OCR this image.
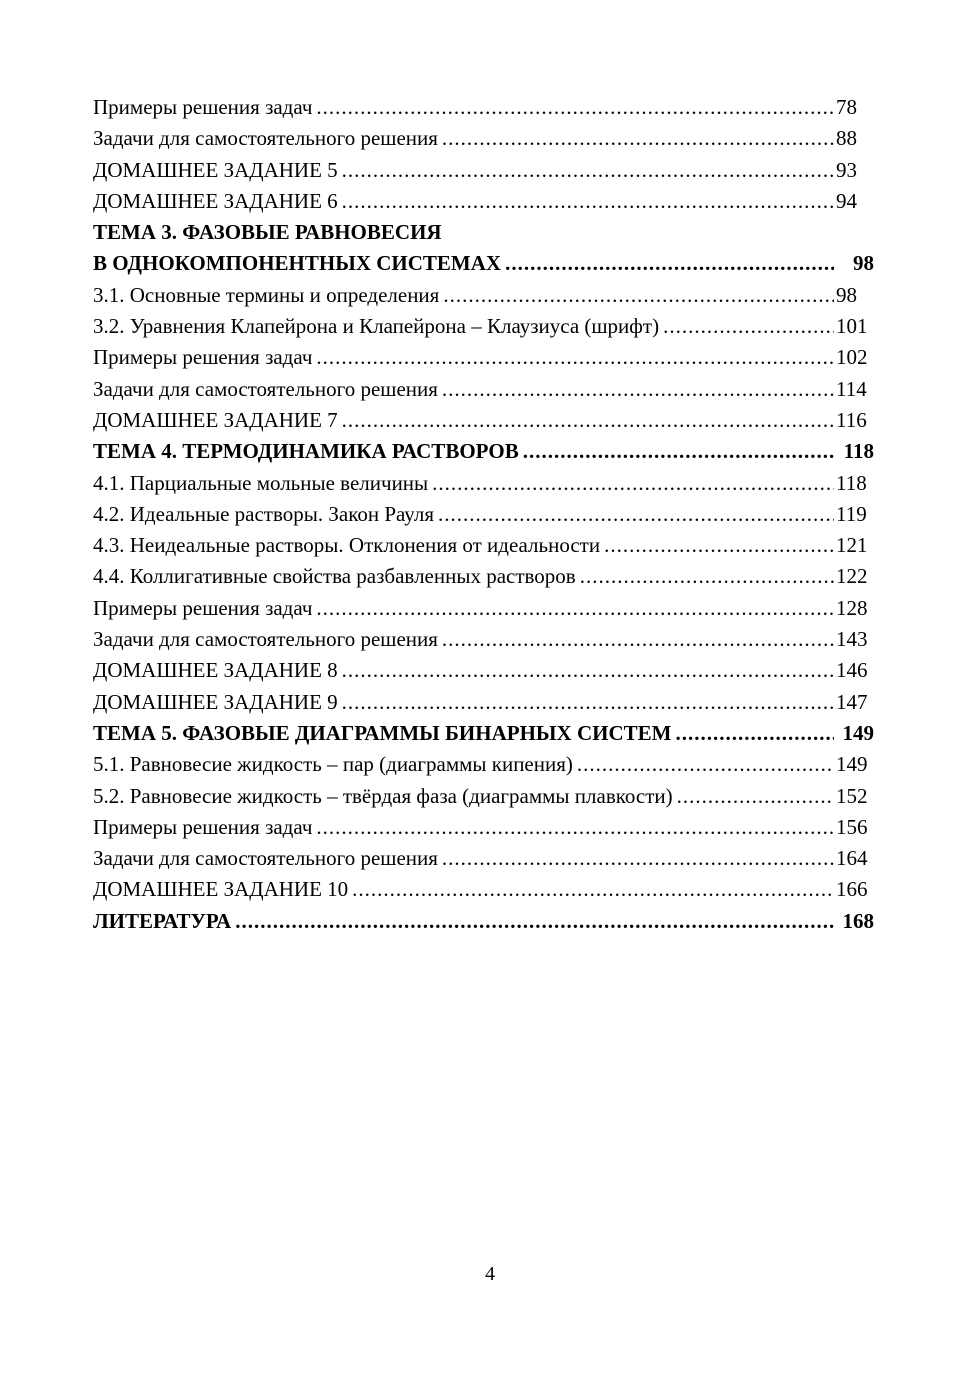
Примеры решения задач .....	78
Задачи для самостоятельного решения .....	88
ДОМАШНЕЕ ЗАДАНИЕ 5 .....	93
ДОМАШНЕЕ ЗАДАНИЕ 6 .....	94
ТЕМА 3. ФАЗОВЫЕ РАВНОВЕСИЯ
В ОДНОКОМПОНЕНТНЫХ СИСТЕМАХ .....	98
3.1. Основные термины и определения .....	98
3.2. Уравнения Клапейрона и Клапейрона – Клаузиуса (шрифт) .....	101
Примеры решения задач .....	102
Задачи для самостоятельного решения .....	114
ДОМАШНЕЕ ЗАДАНИЕ 7 .....	116
ТЕМА 4. ТЕРМОДИНАМИКА РАСТВОРОВ .....	118
4.1. Парциальные мольные величины .....	118
4.2. Идеальные растворы. Закон Рауля .....	119
4.3. Неидеальные растворы. Отклонения от идеальности .....	121
4.4. Коллигативные свойства разбавленных растворов .....	122
Примеры решения задач .....	128
Задачи для самостоятельного решения .....	143
ДОМАШНЕЕ ЗАДАНИЕ 8 .....	146
ДОМАШНЕЕ ЗАДАНИЕ 9 .....	147
ТЕМА 5. ФАЗОВЫЕ ДИАГРАММЫ БИНАРНЫХ СИСТЕМ .....	149
5.1. Равновесие жидкость – пар (диаграммы кипения) .....	149
5.2. Равновесие жидкость – твёрдая фаза (диаграммы плавкости) .....	152
Примеры решения задач .....	156
Задачи для самостоятельного решения .....	164
ДОМАШНЕЕ ЗАДАНИЕ 10 .....	166
ЛИТЕРАТУРА .....	168
4
